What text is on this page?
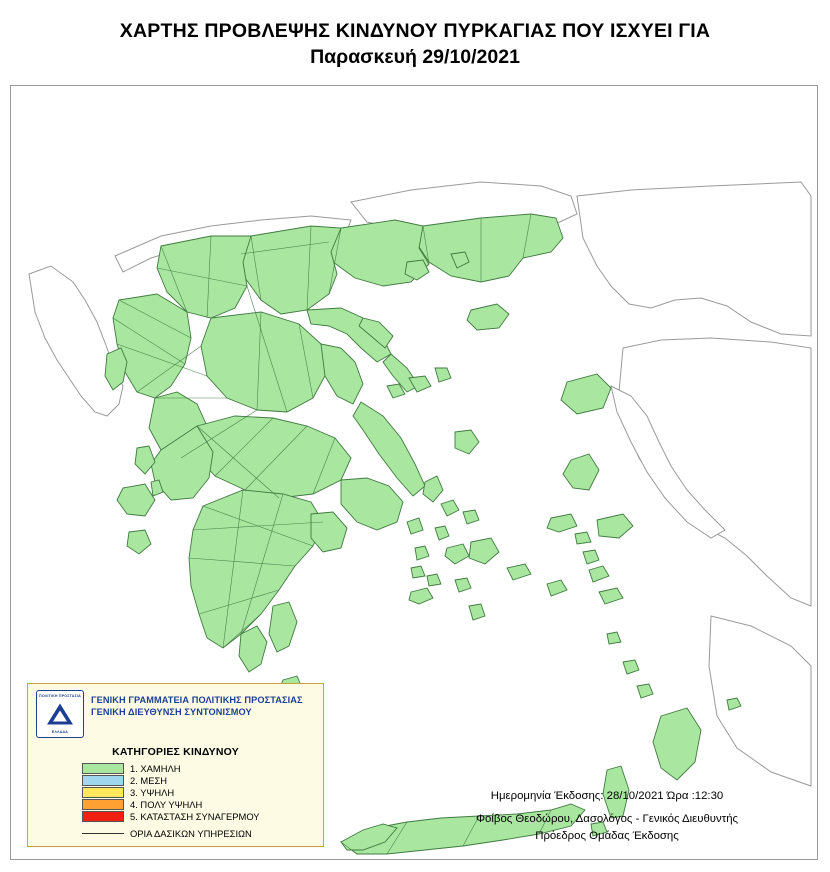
ΧΑΡΤΗΣ ΠΡΟΒΛΕΨΗΣ ΚΙΝΔΥΝΟΥ ΠΥΡΚΑΓΙΑΣ ΠΟΥ ΙΣΧΥΕΙ ΓΙΑ
Παρασκευή 29/10/2021
ΠΟΛΙΤΙΚΗ ΠΡΟΣΤΑΣΙΑ
ΕΛΛΑΔΑ
ΓΕΝΙΚΗ ΓΡΑΜΜΑΤΕΙΑ ΠΟΛΙΤΙΚΗΣ ΠΡΟΣΤΑΣΙΑΣ
ΓΕΝΙΚΗ ΔΙΕΥΘΥΝΣΗ ΣΥΝΤΟΝΙΣΜΟΥ
ΚΑΤΗΓΟΡΙΕΣ ΚΙΝΔΥΝΟΥ
1. ΧΑΜΗΛΗ
2. ΜΕΣΗ
3. ΥΨΗΛΗ
4. ΠΟΛΥ ΥΨΗΛΗ
5. ΚΑΤΑΣΤΑΣΗ ΣΥΝΑΓΕΡΜΟΥ
ΟΡΙΑ ΔΑΣΙΚΩΝ ΥΠΗΡΕΣΙΩΝ
Ημερομηνία Έκδοσης: 28/10/2021 Ώρα :12:30
Φοίβος Θεοδώρου, Δασολόγος - Γενικός Διευθυντής
Πρόεδρος Ομάδας Έκδοσης
